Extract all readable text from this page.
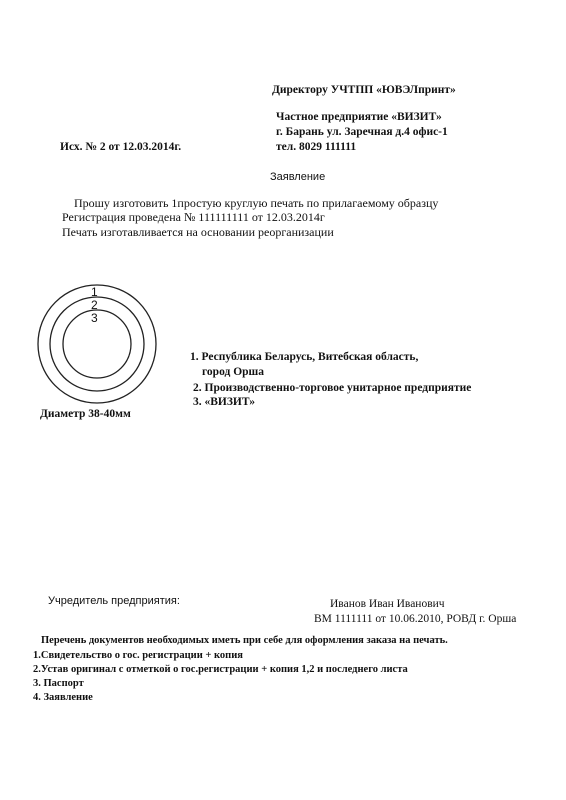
Директору УЧТПП «ЮВЭЛпринт»
Частное предприятие «ВИЗИТ»
г. Барань ул. Заречная д.4 офис-1
тел. 8029 111111
Исх. № 2 от 12.03.2014г.
Заявление
Прошу изготовить 1простую круглую печать по прилагаемому образцу
Регистрация проведена № 111111111 от 12.03.2014г
Печать изготавливается на основании реорганизации
1
2
3
Диаметр 38-40мм
1. Республика Беларусь, Витебская область,
город Орша
2. Производственно-торговое унитарное предприятие
3. «ВИЗИТ»
Учредитель предприятия:	Иванов Иван Иванович
ВМ 1111111 от 10.06.2010, РОВД г. Орша
Перечень документов необходимых иметь при себе для оформления заказа на печать.
1.Свидетельство о гос. регистрации + копия
2.Устав оригинал с отметкой о гос.регистрации + копия 1,2 и последнего листа
3. Паспорт
4. Заявление
